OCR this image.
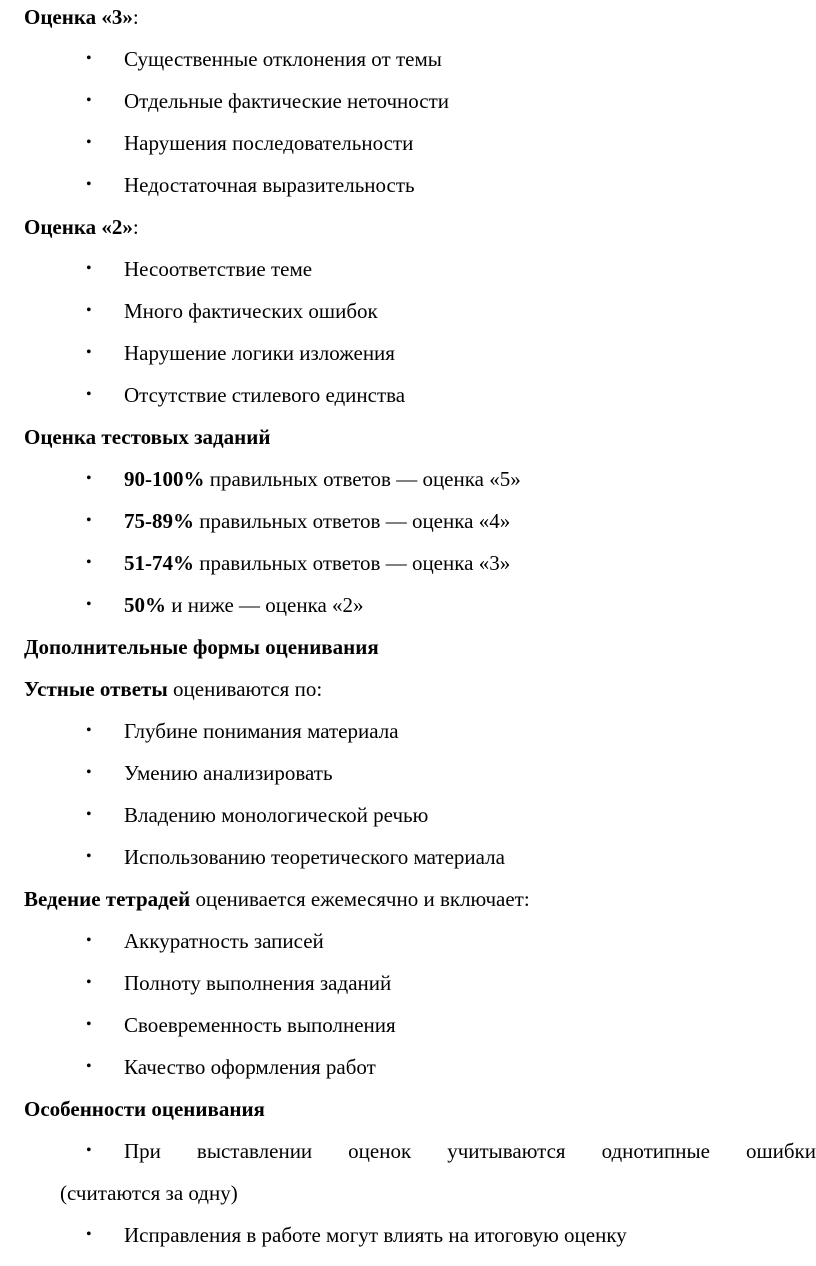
Оценка «3»:
• Существенные отклонения от темы
• Отдельные фактические неточности
• Нарушения последовательности
• Недостаточная выразительность
Оценка «2»:
• Несоответствие теме
• Много фактических ошибок
• Нарушение логики изложения
• Отсутствие стилевого единства
Оценка тестовых заданий
• 90-100% правильных ответов — оценка «5»
• 75-89% правильных ответов — оценка «4»
• 51-74% правильных ответов — оценка «3»
• 50% и ниже — оценка «2»
Дополнительные формы оценивания
Устные ответы оцениваются по:
• Глубине понимания материала
• Умению анализировать
• Владению монологической речью
• Использованию теоретического материала
Ведение тетрадей оценивается ежемесячно и включает:
• Аккуратность записей
• Полноту выполнения заданий
• Своевременность выполнения
• Качество оформления работ
Особенности оценивания
• При выставлении оценок учитываются однотипные ошибки
(считаются за одну)
• Исправления в работе могут влиять на итоговую оценку
